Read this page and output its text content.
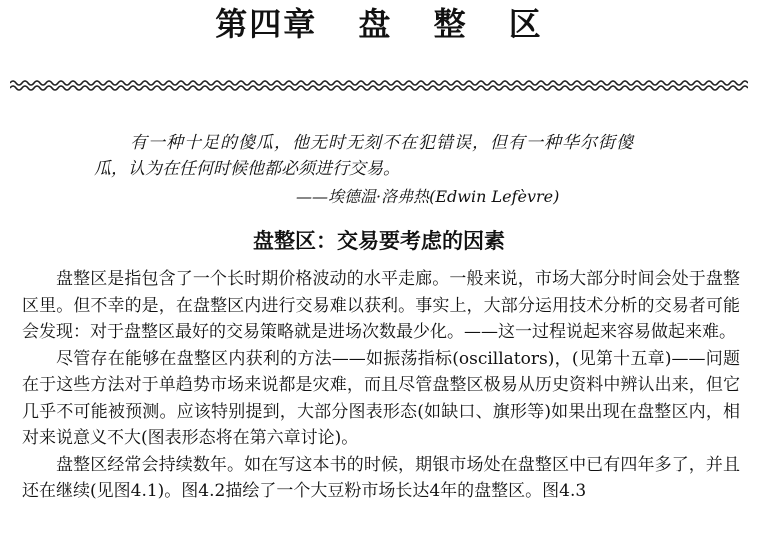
第四章 盘 整 区

有一种十足的傻瓜，他无时无刻不在犯错误，但有一种华尔街傻

瓜，认为在任何时候他都必须进行交易。

——埃德温·洛弗热(Edwin Lefèvre)
盘整区：交易要考虑的因素

盘整区是指包含了一个长时期价格波动的水平走廊。一般来说，市场大部分时间会处于盘整区里。但不幸的是，在盘整区内进行交易难以获利。事实上，大部分运用技术分析的交易者可能会发现：对于盘整区最好的交易策略就是进场次数最少化。——这一过程说起来容易做起来难。

尽管存在能够在盘整区内获利的方法——如振荡指标(oscillators)，(见第十五章)——问题在于这些方法对于单趋势市场来说都是灾难，而且尽管盘整区极易从历史资料中辨认出来，但它几乎不可能被预测。应该特别提到，大部分图表形态(如缺口、旗形等)如果出现在盘整区内，相对来说意义不大(图表形态将在第六章讨论)。

盘整区经常会持续数年。如在写这本书的时候，期银市场处在盘整区中已有四年多了，并且还在继续(见图4.1)。图4.2描绘了一个大豆粉市场长达4年的盘整区。图4.3
